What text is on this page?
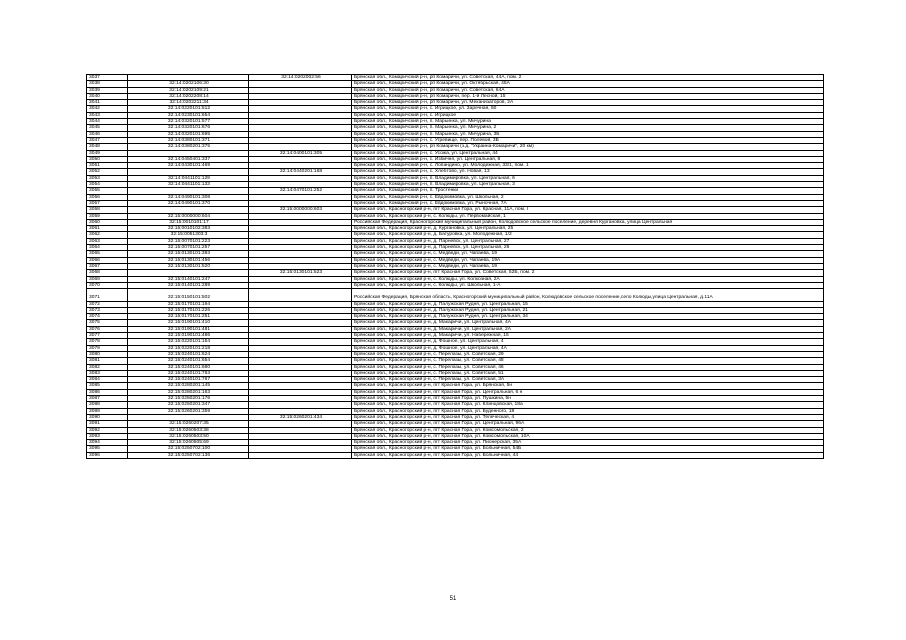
3037		32:14:0202002:56	Брянская обл., Комаричский р-н, рп Комаричи, ул. Советская, 44А, пом. 2
3038	32:14:0202106:30		Брянская обл., Комаричский р-н, рп Комаричи, ул. Октябрьская, 45А
3039	32:14:0202109:21		Брянская обл., Комаричский р-н, рп Комаричи, ул. Советская, 64А
3040	32:14:0202208:14		Брянская обл., Комаричский р-н, рп Комаричи, пер. 1-й Лесной, 15
3041	32:14:0202211:34		Брянская обл., Комаричский р-н, рп Комаричи, ул. Механизаторов, 2А
3042	32:14:0220101:512		Брянская обл., Комаричский р-н, с. Игрицкое, ул. Заречная, 50
3043	32:14:0230101:654		Брянская обл., Комаричский р-н, с. Игрицкое
3044	32:14:0320101:577		Брянская обл., Комаричский р-н, п. Марьинка, ул. Мичурина
3045	32:14:0320101:676		Брянская обл., Комаричский р-н, п. Марьинка, ул. Мичурина, 2
3046	32:14:0320101:695		Брянская обл., Комаричский р-н, п. Марьинка, ул. Мичурина, 3Б
3047	32:14:0380101:371		Брянская обл., Комаричский р-н, с. Угревище, пер. Полевой, 3Б
3048	32:14:0380201:375		Брянская обл., Комаричский р-н, рп Комаричи (з.д. "Украина-Комаричи", 20 км)
3049		32:14:0400101:305	Брянская обл., Комаричский р-н, с. Усожа, ул. Центральная, 44
3050	32:14:0450401:337		Брянская обл., Комаричский р-н, с. Избичня, ул. Центральная, 8
3051	32:14:0430101:469		Брянская обл., Комаричский р-н, с. Лопандино, ул. Молодежная, 33/1, пом. 1
3052		32:14:0440201:168	Брянская обл., Комаричский р-н, с. Хлебтово, ул. Новая, 13
3053	32:14:0441101:129		Брянская обл., Комаричский р-н, п. Владимировка, ул. Центральная, 6
3054	32:14:0441101:133		Брянская обл., Комаричский р-н, п. Владимировка, ул. Центральная, 3
3055		32:14:0470101:252	Брянская обл., Комаричский р-н, п. Тростенки
3056	32:14:0490101:308		Брянская обл., Комаричский р-н, с. Евдокимовка, ул. Школьная, 2
3057	32:14:0490101:370		Брянская обл., Комаричский р-н, с. Евдокимовка, ул. Рыночная, 7А
3058		32:15:0000000:603	Брянская обл., Красногорский р-н, пгт Красная Гора, ул. Красная, 11А, пом. I
3059	32:15:0000000:604		Брянская обл., Красногорский р-н, с. Колюды, ул. Первомайская, 1
3060	32:15:0010101:17		Российская Федерация, Красногорский муниципальный район, Колюдовское сельское поселение, деревня Кургановка, улица Центральная
3061	32:15:0010102:383		Брянская обл., Красногорский р-н, д. Кургановка, ул. Центральная, 25
3062	32:15:0051303:3		Брянская обл., Красногорский р-н, д. Батуровка, ул. Молодежная, 1/2
3063	32:15:0070101:223		Брянская обл., Красногорский р-н, д. Парневск, ул. Центральная, 27
3064	32:15:0070101:257		Брянская обл., Красногорский р-н, д. Парневск, ул. Центральная, 26
3065	32:15:0130101:393		Брянская обл., Красногорский р-н, с. Медведи, ул. Чапаева, 19
3066	32:15:0130101:456		Брянская обл., Красногорский р-н, с. Медведи, ул. Чапаева, 19А
3067	32:15:0130101:520		Брянская обл., Красногорский р-н, с. Медведи, ул. Чапаева, 19
3068		32:15:0130101:523	Брянская обл., Красногорский р-н, пгт Красная Гора, ул. Советская, 52Б, пом. 2
3069	32:15:0140101:247		Брянская обл., Красногорский р-н, с. Колюды, ул. Колхозная, 2А
3070	32:15:0140101:289		Брянская обл., Красногорский р-н, с. Колюды, ул. Школьная, 1-А
3071	32:15:0150101:502		Российская Федерация, Брянская область, Красногорский муниципальный район, Колюдовское сельское поселение,село Колюды,улица Центральная, д.11А
3072	32:15:0170101:194		Брянская обл., Красногорский р-н, д. Палужская Рудня, ул. Центральная, 15
3073	32:15:0170101:226		Брянская обл., Красногорский р-н, д. Палужская Рудня, ул. Центральная, 21
3074	32:15:0170101:251		Брянская обл., Красногорский р-н, д. Палужская Рудня, ул. Центральная, 34
3075	32:15:0190101:410		Брянская обл., Красногорский р-н, д. Макаричи, ул. Центральная, 4А
3076	32:15:0190101:481		Брянская обл., Красногорский р-н, д. Макаричи, ул. Центральная, 2А
3077	32:15:0190101:486		Брянская обл., Красногорский р-н, д. Макаричи, ул. Набережная, 15
3078	32:15:0220101:154		Брянская обл., Красногорский р-н, д. Фошное, ул. Центральная, 4
3079	32:15:0220101:218		Брянская обл., Красногорский р-н, д. Фошное, ул. Центральная, 4А
3080	32:15:0240101:624		Брянская обл., Красногорский р-н, с. Перелазы, ул. Советская, 29
3081	32:15:0240101:654		Брянская обл., Красногорский р-н, с. Перелазы, ул. Советская, 48
3082	32:15:0240101:680		Брянская обл., Красногорский р-н, с. Перелазы, ул. Советская, 46
3083	32:15:0240101:763		Брянская обл., Красногорский р-н, с. Перелазы, ул. Советская, 51
3084	32:15:0240101:767		Брянская обл., Красногорский р-н, с. Перелазы, ул. Советская, 3А
3085	32:15:0280201:145		Брянская обл., Красногорский р-н, пгт Красная Гора, ул. Брянская, 5н
3086	32:15:0280201:163		Брянская обл., Красногорский р-н, пгт Красная Гора, ул. Центральная, 6 н
3087	32:15:0250201:176		Брянская обл., Красногорский р-н, пгт Красная Гора, ул. Пушкина, 5н
3088	32:15:0250201:347		Брянская обл., Красногорский р-н, пгт Красная Гора, ул. Клинцовская, 18а
3089	32:15:0260201:359		Брянская обл., Красногорский р-н, пгт Красная Гора, ул. Буденного, 18
3090		32:15:0260201:434	Брянская обл., Красногорский р-н, пгт Красная Гора, ул. Телеческая, 4
3091	32:15:0260207:35		Брянская обл., Красногорский р-н, пгт Красная Гора, ул. Центральная, 96А
3092	32:15:0260503:38		Брянская обл., Красногорский р-н, пгт Красная Гора, ул. Комсомольская, 2
3093	32:15:0260503:50		Брянская обл., Красногорский р-н, пгт Красная Гора, ул. Комсомольская, 10А
3094	32:15:0260505:69		Брянская обл., Красногорский р-н, пгт Красная Гора, ул. Пионерская, 35А
3095	32:15:0250702:100		Брянская обл., Красногорский р-н, пгт Красная Гора, ул. Больничная, 54Б
3096	32:15:0250702:136		Брянская обл., Красногорский р-н, пгт Красная Гора, ул. Больничная, 44
51
